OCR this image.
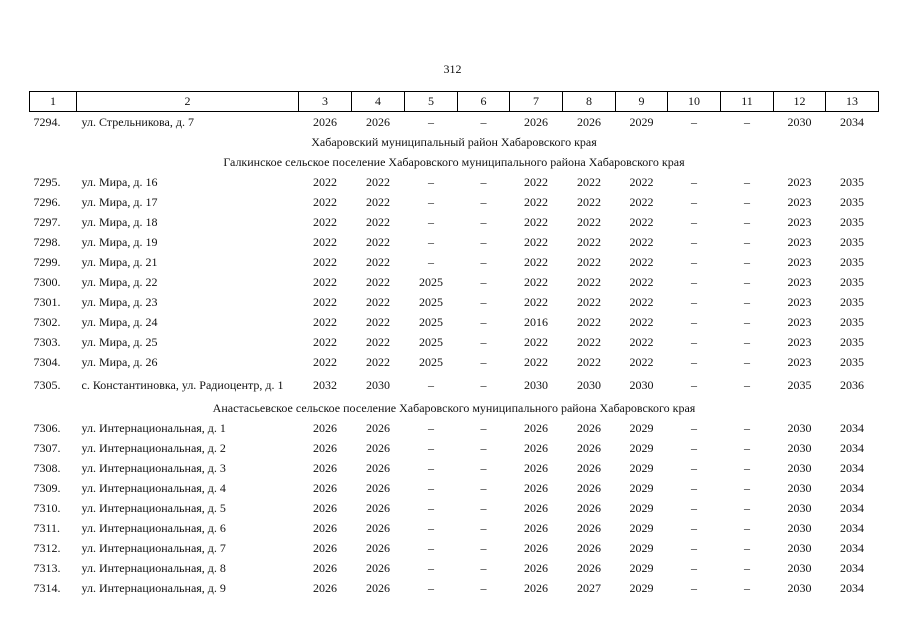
312
1	2	3	4	5	6	7	8	9	10	11	12	13
7294.	ул. Стрельникова, д. 7	2026	2026	–	–	2026	2026	2029	–	–	2030	2034
Хабаровский муниципальный район Хабаровского края												
Галкинское сельское поселение Хабаровского муниципального района Хабаровского края												
7295.	ул. Мира, д. 16	2022	2022	–	–	2022	2022	2022	–	–	2023	2035
7296.	ул. Мира, д. 17	2022	2022	–	–	2022	2022	2022	–	–	2023	2035
7297.	ул. Мира, д. 18	2022	2022	–	–	2022	2022	2022	–	–	2023	2035
7298.	ул. Мира, д. 19	2022	2022	–	–	2022	2022	2022	–	–	2023	2035
7299.	ул. Мира, д. 21	2022	2022	–	–	2022	2022	2022	–	–	2023	2035
7300.	ул. Мира, д. 22	2022	2022	2025	–	2022	2022	2022	–	–	2023	2035
7301.	ул. Мира, д. 23	2022	2022	2025	–	2022	2022	2022	–	–	2023	2035
7302.	ул. Мира, д. 24	2022	2022	2025	–	2016	2022	2022	–	–	2023	2035
7303.	ул. Мира, д. 25	2022	2022	2025	–	2022	2022	2022	–	–	2023	2035
7304.	ул. Мира, д. 26	2022	2022	2025	–	2022	2022	2022	–	–	2023	2035
7305.	с. Константиновка, ул. Радиоцентр, д. 1	2032	2030	–	–	2030	2030	2030	–	–	2035	2036
Анастасьевское сельское поселение Хабаровского муниципального района Хабаровского края												
7306.	ул. Интернациональная, д. 1	2026	2026	–	–	2026	2026	2029	–	–	2030	2034
7307.	ул. Интернациональная, д. 2	2026	2026	–	–	2026	2026	2029	–	–	2030	2034
7308.	ул. Интернациональная, д. 3	2026	2026	–	–	2026	2026	2029	–	–	2030	2034
7309.	ул. Интернациональная, д. 4	2026	2026	–	–	2026	2026	2029	–	–	2030	2034
7310.	ул. Интернациональная, д. 5	2026	2026	–	–	2026	2026	2029	–	–	2030	2034
7311.	ул. Интернациональная, д. 6	2026	2026	–	–	2026	2026	2029	–	–	2030	2034
7312.	ул. Интернациональная, д. 7	2026	2026	–	–	2026	2026	2029	–	–	2030	2034
7313.	ул. Интернациональная, д. 8	2026	2026	–	–	2026	2026	2029	–	–	2030	2034
7314.	ул. Интернациональная, д. 9	2026	2026	–	–	2026	2027	2029	–	–	2030	2034
